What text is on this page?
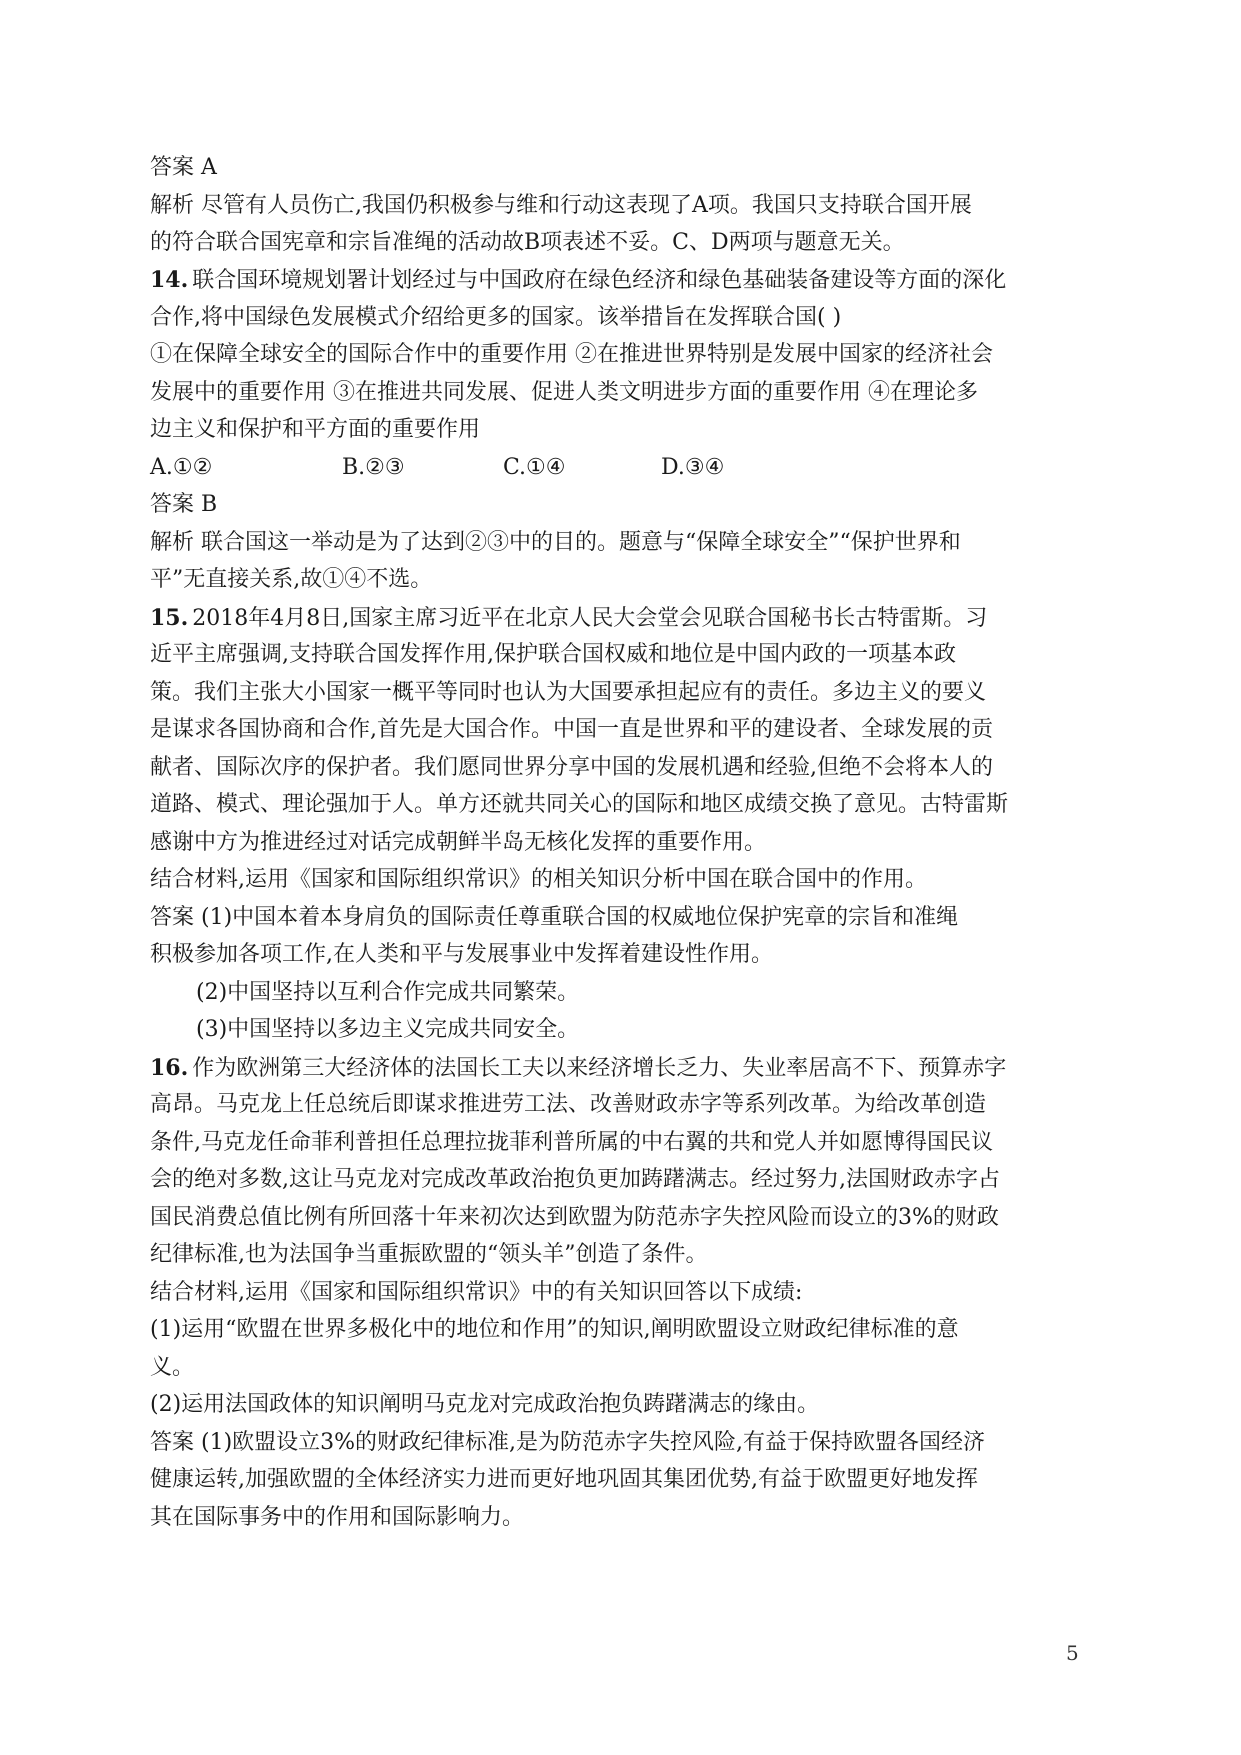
答案 A
解析 尽管有人员伤亡,我国仍积极参与维和行动这表现了A项。我国只支持联合国开展
的符合联合国宪章和宗旨准绳的活动故B项表述不妥。C、D两项与题意无关。
14. 联合国环境规划署计划经过与中国政府在绿色经济和绿色基础装备建设等方面的深化
合作,将中国绿色发展模式介绍给更多的国家。该举措旨在发挥联合国( )
①在保障全球安全的国际合作中的重要作用 ②在推进世界特别是发展中国家的经济社会
发展中的重要作用 ③在推进共同发展、促进人类文明进步方面的重要作用 ④在理论多
边主义和保护和平方面的重要作用
A.①②	B.②③	C.①④	D.③④
答案 B
解析 联合国这一举动是为了达到②③中的目的。题意与“保障全球安全”“保护世界和
平”无直接关系,故①④不选。
15. 2018年4月8日,国家主席习近平在北京人民大会堂会见联合国秘书长古特雷斯。习
近平主席强调,支持联合国发挥作用,保护联合国权威和地位是中国内政的一项基本政
策。我们主张大小国家一概平等同时也认为大国要承担起应有的责任。多边主义的要义
是谋求各国协商和合作,首先是大国合作。中国一直是世界和平的建设者、全球发展的贡
献者、国际次序的保护者。我们愿同世界分享中国的发展机遇和经验,但绝不会将本人的
道路、模式、理论强加于人。单方还就共同关心的国际和地区成绩交换了意见。古特雷斯
感谢中方为推进经过对话完成朝鲜半岛无核化发挥的重要作用。
结合材料,运用《国家和国际组织常识》的相关知识分析中国在联合国中的作用。
答案 (1)中国本着本身肩负的国际责任尊重联合国的权威地位保护宪章的宗旨和准绳
积极参加各项工作,在人类和平与发展事业中发挥着建设性作用。
(2)中国坚持以互利合作完成共同繁荣。
(3)中国坚持以多边主义完成共同安全。
16. 作为欧洲第三大经济体的法国长工夫以来经济增长乏力、失业率居高不下、预算赤字
高昂。马克龙上任总统后即谋求推进劳工法、改善财政赤字等系列改革。为给改革创造
条件,马克龙任命菲利普担任总理拉拢菲利普所属的中右翼的共和党人并如愿博得国民议
会的绝对多数,这让马克龙对完成改革政治抱负更加踌躇满志。经过努力,法国财政赤字占
国民消费总值比例有所回落十年来初次达到欧盟为防范赤字失控风险而设立的3%的财政
纪律标准,也为法国争当重振欧盟的“领头羊”创造了条件。
结合材料,运用《国家和国际组织常识》中的有关知识回答以下成绩:
(1)运用“欧盟在世界多极化中的地位和作用”的知识,阐明欧盟设立财政纪律标准的意
义。
(2)运用法国政体的知识阐明马克龙对完成政治抱负踌躇满志的缘由。
答案 (1)欧盟设立3%的财政纪律标准,是为防范赤字失控风险,有益于保持欧盟各国经济
健康运转,加强欧盟的全体经济实力进而更好地巩固其集团优势,有益于欧盟更好地发挥
其在国际事务中的作用和国际影响力。
5
